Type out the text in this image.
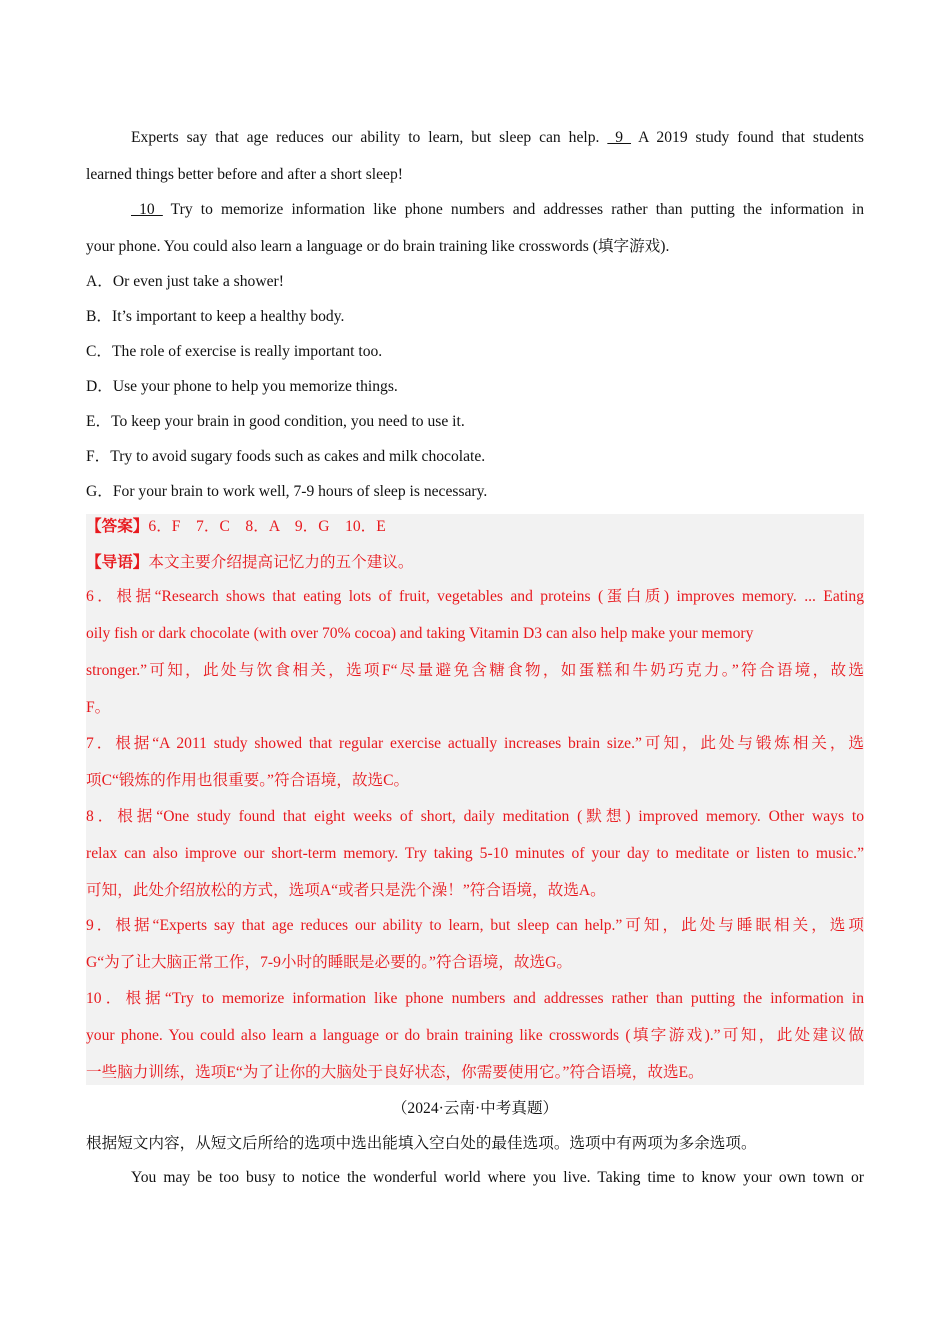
Experts say that age reduces our ability to learn, but sleep can help.  9  A 2019 study found that students
learned things better before and after a short sleep!
10  Try to memorize information like phone numbers and addresses rather than putting the information in
your phone. You could also learn a language or do brain training like crosswords (填字游戏).
A．Or even just take a shower!
B．It’s important to keep a healthy body.
C．The role of exercise is really important too.
D．Use your phone to help you memorize things.
E．To keep your brain in good condition, you need to use it.
F．Try to avoid sugary foods such as cakes and milk chocolate.
G．For your brain to work well, 7-9 hours of sleep is necessary.
【答案】6．F　7．C　8．A　9．G　10．E
【导语】本文主要介绍提高记忆力的五个建议。
6．根据“Research shows that eating lots of fruit, vegetables and proteins (蛋白质) improves memory. ... Eating
oily fish or dark chocolate (with over 70% cocoa) and taking Vitamin D3 can also help make your memory
stronger.”可知，此处与饮食相关，选项F“尽量避免含糖食物，如蛋糕和牛奶巧克力。”符合语境，故选
F。
7．根据“A 2011 study showed that regular exercise actually increases brain size.”可知，此处与锻炼相关，选
项C“锻炼的作用也很重要。”符合语境，故选C。
8．根据“One study found that eight weeks of short, daily meditation (默想) improved memory. Other ways to
relax can also improve our short-term memory. Try taking 5-10 minutes of your day to meditate or listen to music.”
可知，此处介绍放松的方式，选项A“或者只是洗个澡！”符合语境，故选A。
9．根据“Experts say that age reduces our ability to learn, but sleep can help.”可知，此处与睡眠相关，选项
G“为了让大脑正常工作，7-9小时的睡眠是必要的。”符合语境，故选G。
10．根据“Try to memorize information like phone numbers and addresses rather than putting the information in
your phone. You could also learn a language or do brain training like crosswords (填字游戏).”可知，此处建议做
一些脑力训练，选项E“为了让你的大脑处于良好状态，你需要使用它。”符合语境，故选E。
（2024·云南·中考真题）
根据短文内容，从短文后所给的选项中选出能填入空白处的最佳选项。选项中有两项为多余选项。
You may be too busy to notice the wonderful world where you live. Taking time to know your own town or
